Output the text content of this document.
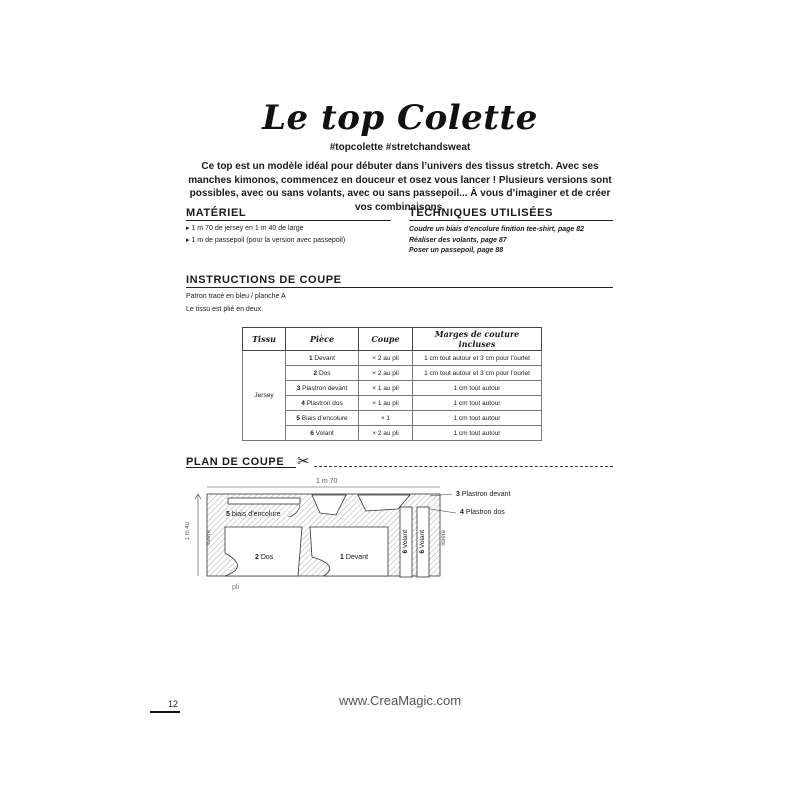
Le top Colette
#topcolette #stretchandsweat
Ce top est un modèle idéal pour débuter dans l’univers des tissus stretch. Avec ses manches kimonos, commencez en douceur et osez vous lancer ! Plusieurs versions sont possibles, avec ou sans volants, avec ou sans passepoil... À vous d’imaginer et de créer vos combinaisons.
MATÉRIEL
▸ 1 m 70 de jersey en 1 m 40 de large
▸ 1 m de passepoil (pour la version avec passepoil)
TECHNIQUES UTILISÉES
Coudre un biais d’encolure finition tee-shirt, page 82
Réaliser des volants, page 87
Poser un passepoil, page 88
INSTRUCTIONS DE COUPE
Patron tracé en bleu / planche A
Le tissu est plié en deux.
Tissu	Pièce	Coupe	Marges de couture incluses
Jersey	1 Devant	× 2 au pli	1 cm tout autour et 3 cm pour l’ourlet
	2 Dos	× 2 au pli	1 cm tout autour et 3 cm pour l’ourlet
	3 Plastron devant	× 1 au pli	1 cm tout autour
	4 Plastron dos	× 1 au pli	1 cm tout autour
	5 Biais d’encolure	× 1	1 cm tout autour
	6 Volant	× 2 au pli	1 cm tout autour
PLAN DE COUPE ✂
1 m 70
1 m 40	lisière	lisière
pli
5 biais d’encolure
2 Dos	1 Devant
6 Volant
6 Volant
3 Plastron devant
4 Plastron dos
www.CreaMagic.com
12
